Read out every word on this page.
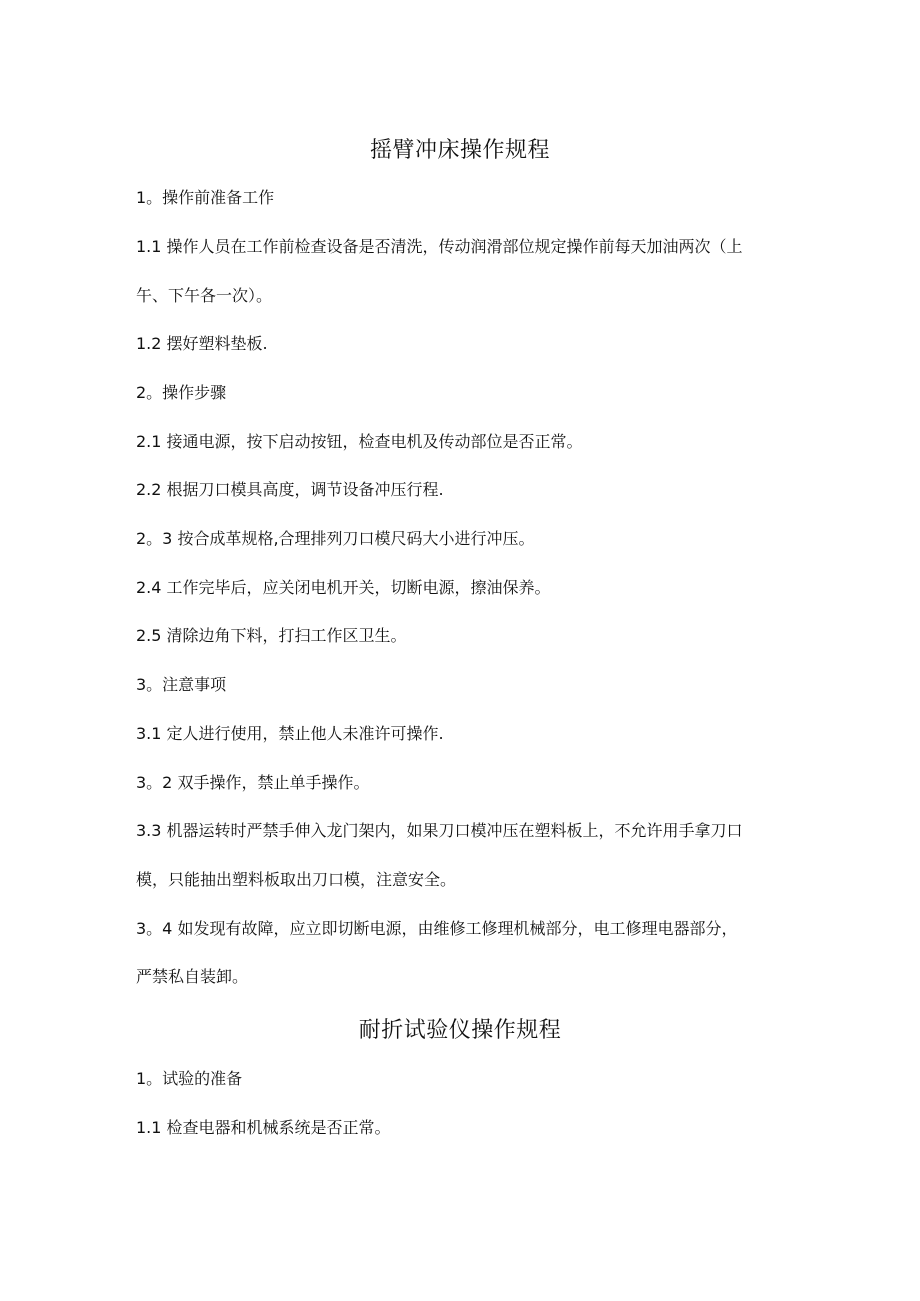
摇臂冲床操作规程

1。操作前准备工作

1.1 操作人员在工作前检查设备是否清洗，传动润滑部位规定操作前每天加油两次（上

午、下午各一次）。

1.2 摆好塑料垫板.

2。操作步骤

2.1 接通电源，按下启动按钮，检查电机及传动部位是否正常。

2.2 根据刀口模具高度，调节设备冲压行程.

2。3 按合成革规格,合理排列刀口模尺码大小进行冲压。

2.4 工作完毕后，应关闭电机开关，切断电源，擦油保养。

2.5 清除边角下料，打扫工作区卫生。

3。注意事项

3.1 定人进行使用，禁止他人未准许可操作.

3。2 双手操作，禁止单手操作。

3.3 机器运转时严禁手伸入龙门架内，如果刀口模冲压在塑料板上，不允许用手拿刀口

模，只能抽出塑料板取出刀口模，注意安全。

3。4 如发现有故障，应立即切断电源，由维修工修理机械部分，电工修理电器部分，

严禁私自装卸。

耐折试验仪操作规程

1。试验的准备

1.1 检查电器和机械系统是否正常。
